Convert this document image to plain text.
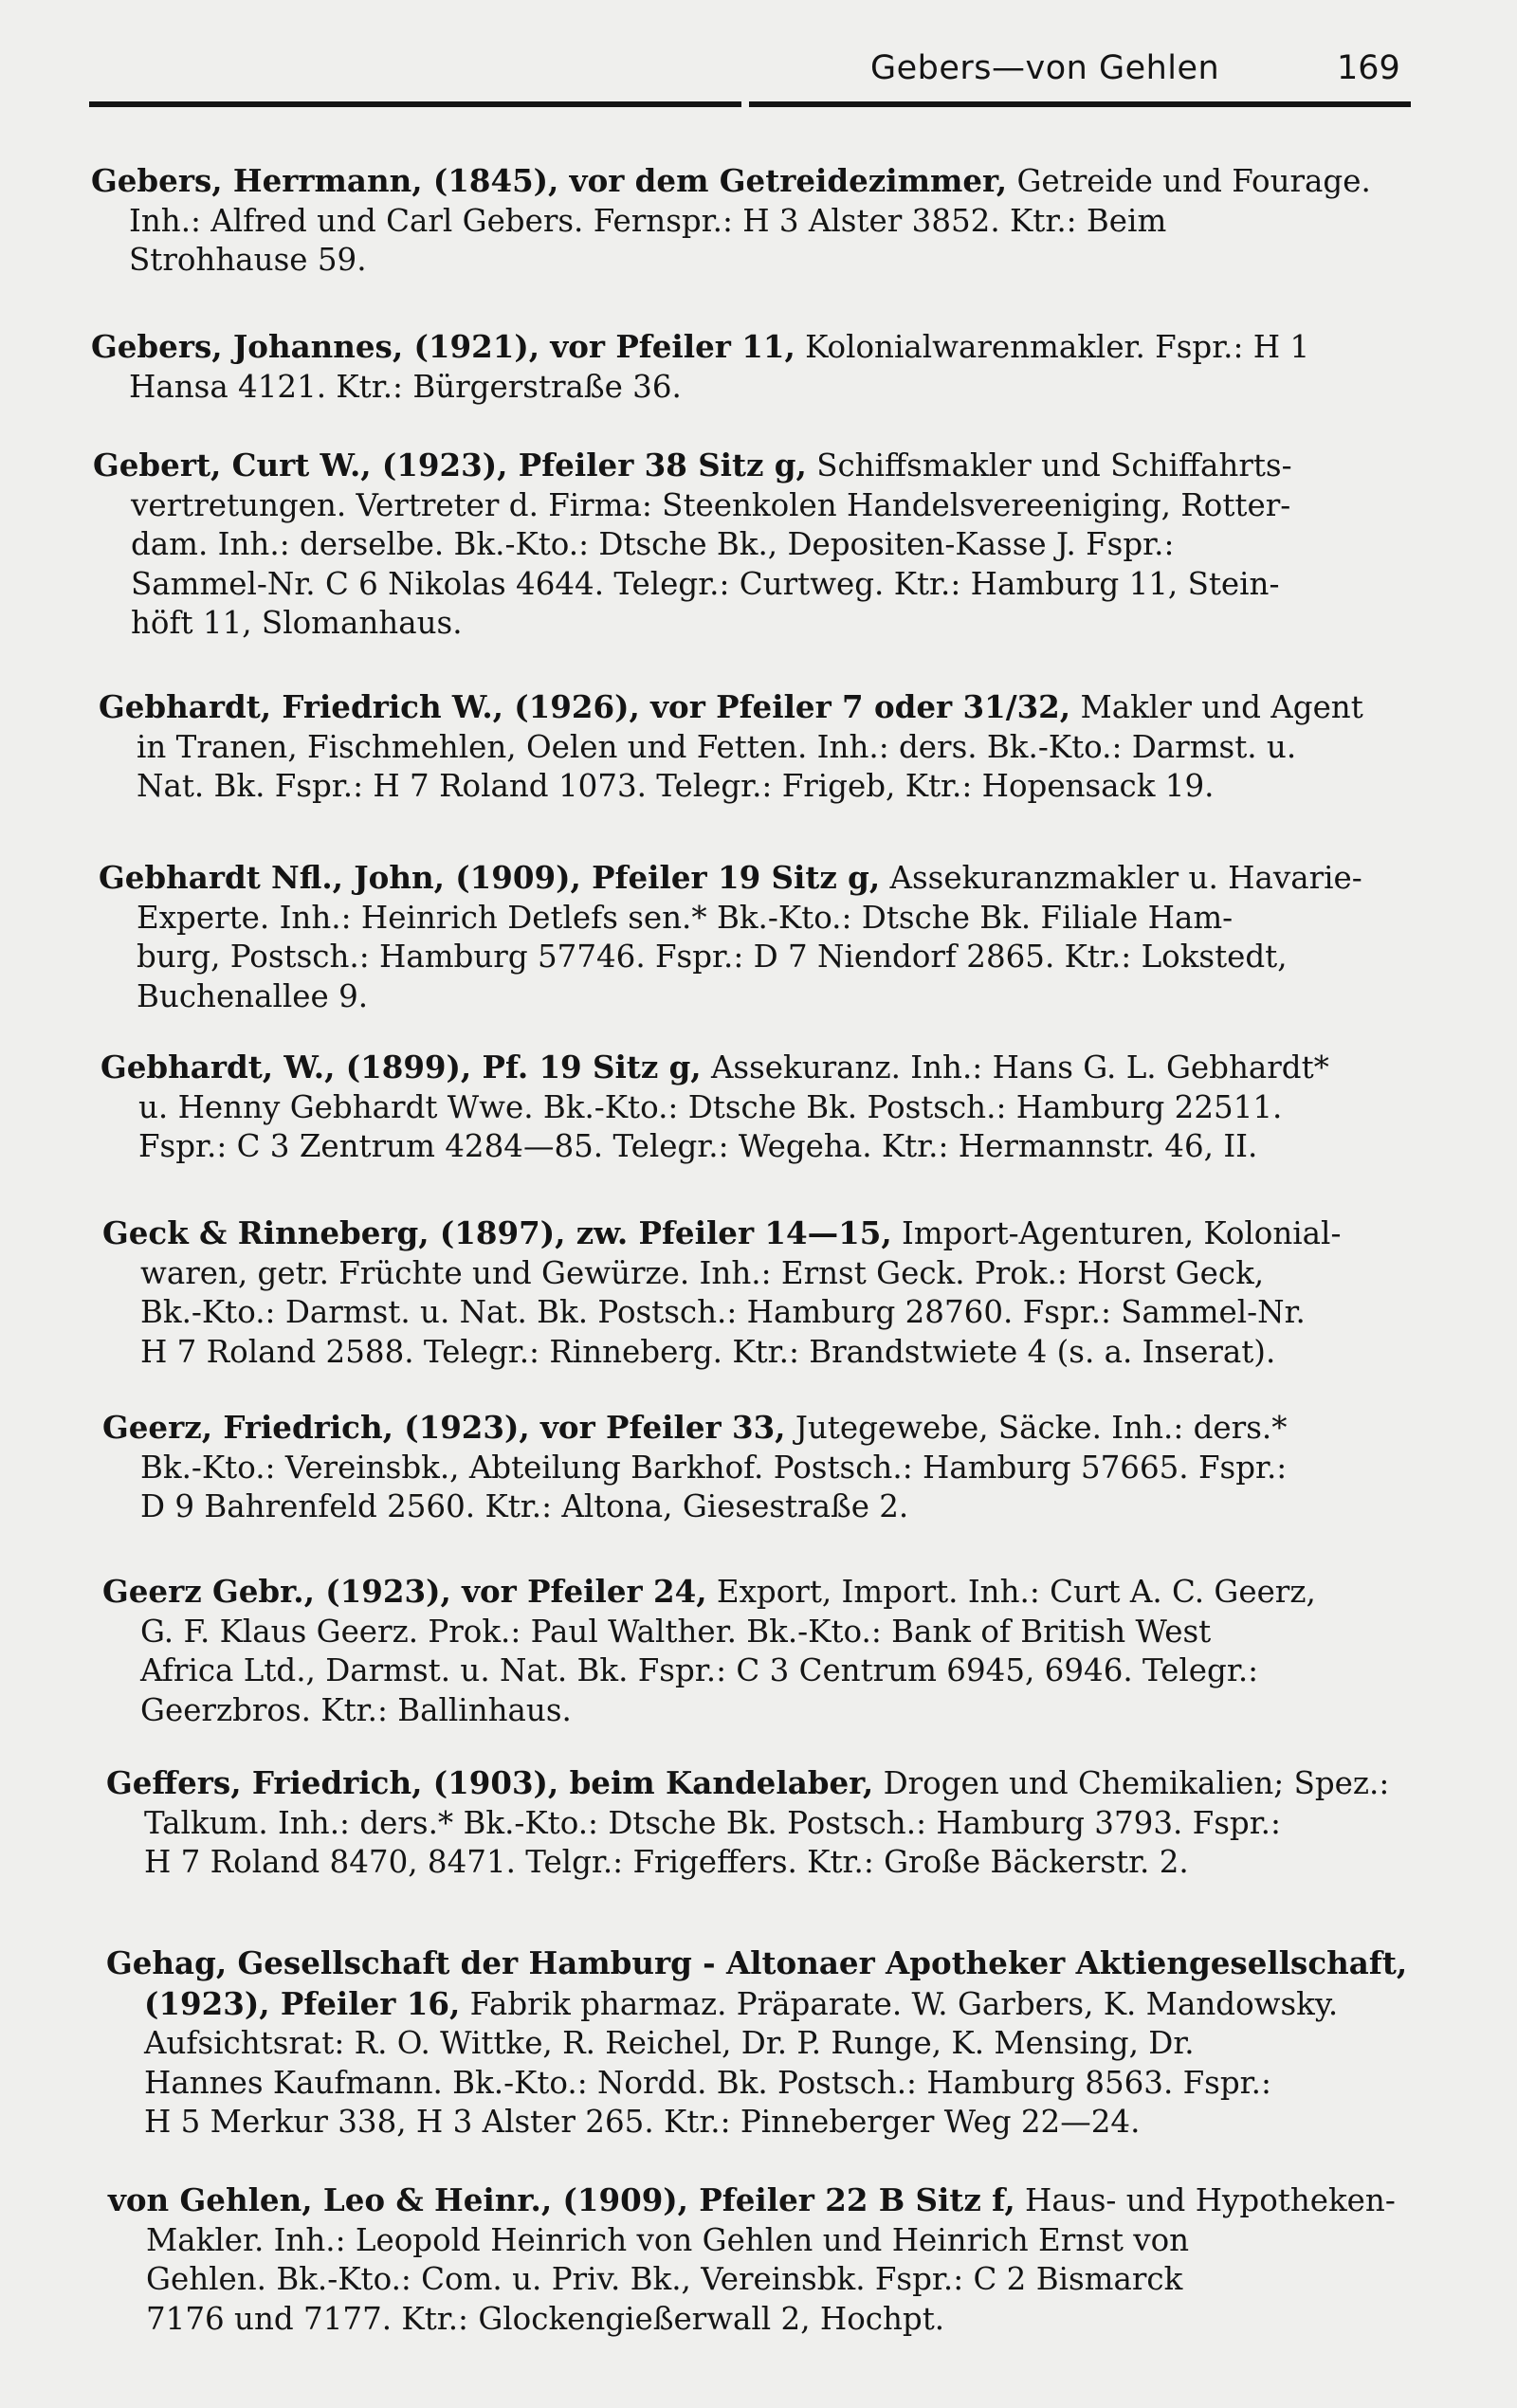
Gebers—von Gehlen	169
Gebers, Herrmann, (1845), vor dem Getreidezimmer, Getreide und Fourage.
Inh.: Alfred und Carl Gebers. Fernspr.: H 3 Alster 3852. Ktr.: Beim
Strohhause 59.
Gebers, Johannes, (1921), vor Pfeiler 11, Kolonialwarenmakler. Fspr.: H 1
Hansa 4121. Ktr.: Bürgerstraße 36.
Gebert, Curt W., (1923), Pfeiler 38 Sitz g, Schiffsmakler und Schiffahrts-
vertretungen. Vertreter d. Firma: Steenkolen Handelsvereeniging, Rotter-
dam. Inh.: derselbe. Bk.-Kto.: Dtsche Bk., Depositen-Kasse J. Fspr.:
Sammel-Nr. C 6 Nikolas 4644. Telegr.: Curtweg. Ktr.: Hamburg 11, Stein-
höft 11, Slomanhaus.
Gebhardt, Friedrich W., (1926), vor Pfeiler 7 oder 31/32, Makler und Agent
in Tranen, Fischmehlen, Oelen und Fetten. Inh.: ders. Bk.-Kto.: Darmst. u.
Nat. Bk. Fspr.: H 7 Roland 1073. Telegr.: Frigeb, Ktr.: Hopensack 19.
Gebhardt Nfl., John, (1909), Pfeiler 19 Sitz g, Assekuranzmakler u. Havarie-
Experte. Inh.: Heinrich Detlefs sen.* Bk.-Kto.: Dtsche Bk. Filiale Ham-
burg, Postsch.: Hamburg 57746. Fspr.: D 7 Niendorf 2865. Ktr.: Lokstedt,
Buchenallee 9.
Gebhardt, W., (1899), Pf. 19 Sitz g, Assekuranz. Inh.: Hans G. L. Gebhardt*
u. Henny Gebhardt Wwe. Bk.-Kto.: Dtsche Bk. Postsch.: Hamburg 22511.
Fspr.: C 3 Zentrum 4284—85. Telegr.: Wegeha. Ktr.: Hermannstr. 46, II.
Geck & Rinneberg, (1897), zw. Pfeiler 14—15, Import-Agenturen, Kolonial-
waren, getr. Früchte und Gewürze. Inh.: Ernst Geck. Prok.: Horst Geck,
Bk.-Kto.: Darmst. u. Nat. Bk. Postsch.: Hamburg 28760. Fspr.: Sammel-Nr.
H 7 Roland 2588. Telegr.: Rinneberg. Ktr.: Brandstwiete 4 (s. a. Inserat).
Geerz, Friedrich, (1923), vor Pfeiler 33, Jutegewebe, Säcke. Inh.: ders.*
Bk.-Kto.: Vereinsbk., Abteilung Barkhof. Postsch.: Hamburg 57665. Fspr.:
D 9 Bahrenfeld 2560. Ktr.: Altona, Giesestraße 2.
Geerz Gebr., (1923), vor Pfeiler 24, Export, Import. Inh.: Curt A. C. Geerz,
G. F. Klaus Geerz. Prok.: Paul Walther. Bk.-Kto.: Bank of British West
Africa Ltd., Darmst. u. Nat. Bk. Fspr.: C 3 Centrum 6945, 6946. Telegr.:
Geerzbros. Ktr.: Ballinhaus.
Geffers, Friedrich, (1903), beim Kandelaber, Drogen und Chemikalien; Spez.:
Talkum. Inh.: ders.* Bk.-Kto.: Dtsche Bk. Postsch.: Hamburg 3793. Fspr.:
H 7 Roland 8470, 8471. Telgr.: Frigeffers. Ktr.: Große Bäckerstr. 2.
Gehag, Gesellschaft der Hamburg - Altonaer Apotheker Aktiengesellschaft,
(1923), Pfeiler 16, Fabrik pharmaz. Präparate. W. Garbers, K. Mandowsky.
Aufsichtsrat: R. O. Wittke, R. Reichel, Dr. P. Runge, K. Mensing, Dr.
Hannes Kaufmann. Bk.-Kto.: Nordd. Bk. Postsch.: Hamburg 8563. Fspr.:
H 5 Merkur 338, H 3 Alster 265. Ktr.: Pinneberger Weg 22—24.
von Gehlen, Leo & Heinr., (1909), Pfeiler 22 B Sitz f, Haus- und Hypotheken-
Makler. Inh.: Leopold Heinrich von Gehlen und Heinrich Ernst von
Gehlen. Bk.-Kto.: Com. u. Priv. Bk., Vereinsbk. Fspr.: C 2 Bismarck
7176 und 7177. Ktr.: Glockengießerwall 2, Hochpt.
